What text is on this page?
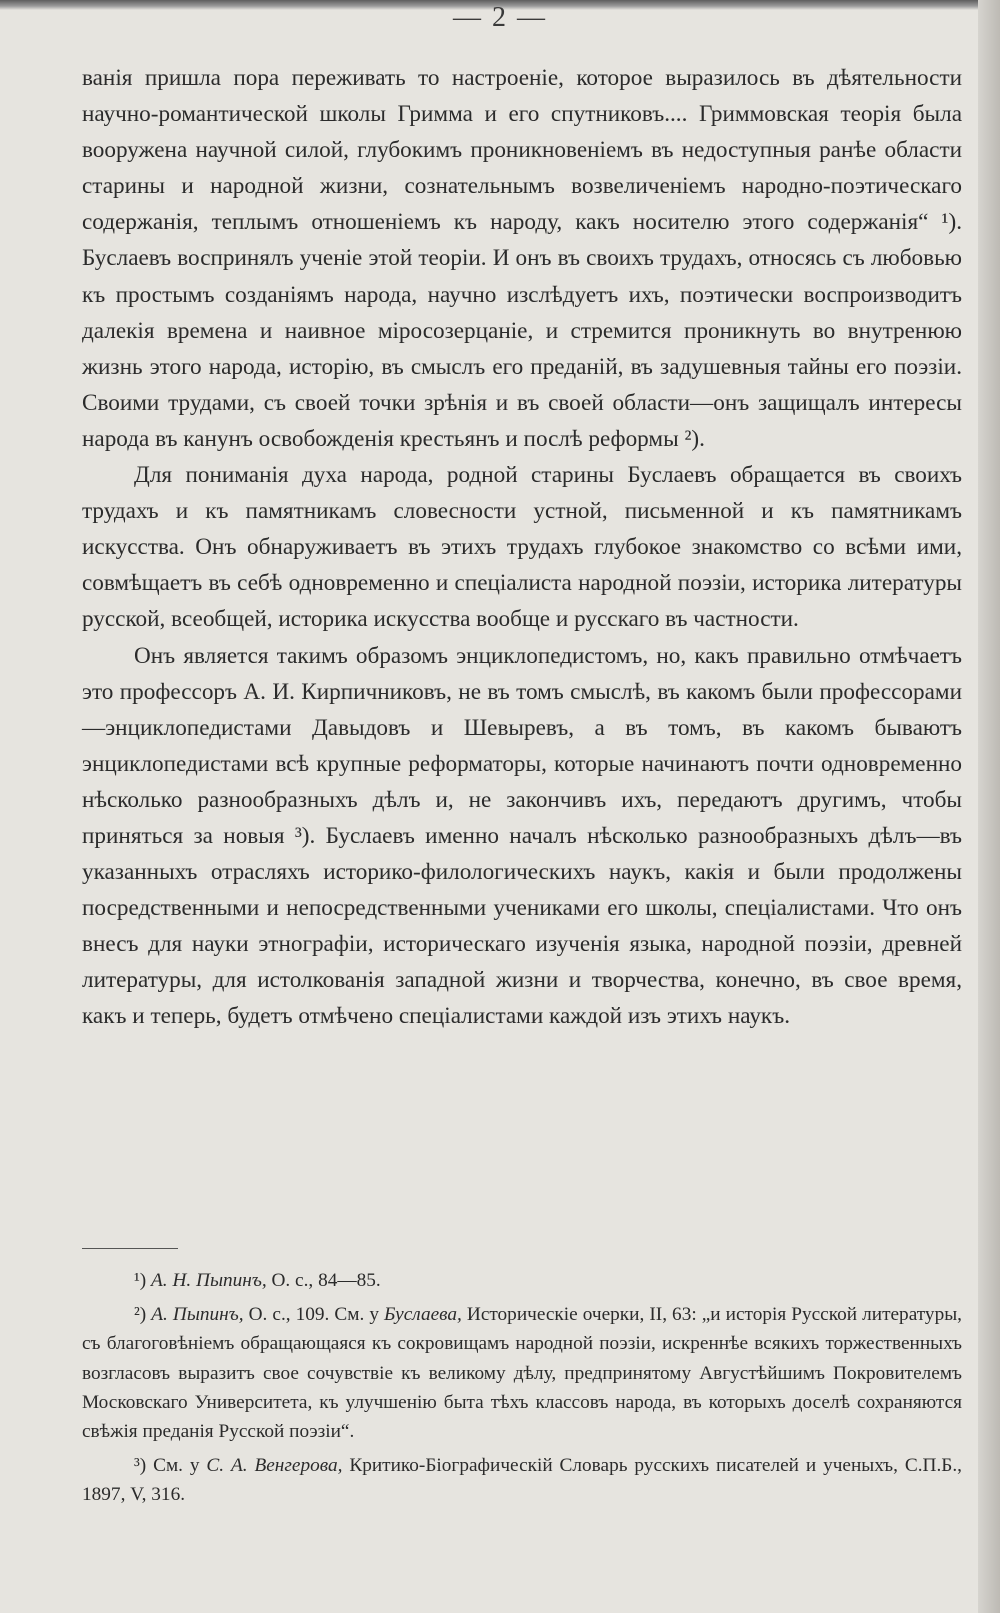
— 2 —

ванія пришла пора переживать то настроеніе, которое выразилось въ дѣятельности научно-романтической школы Гримма и его спутниковъ.... Гриммовская теорія была вооружена научной силой, глубокимъ проникновеніемъ въ недоступныя ранѣе области старины и народной жизни, сознательнымъ возвеличеніемъ народно-поэтическаго содержанія, теплымъ отношеніемъ къ народу, какъ носителю этого содержанія“ ¹). Буслаевъ воспринялъ ученіе этой теоріи. И онъ въ своихъ трудахъ, относясь съ любовью къ простымъ созданіямъ народа, научно изслѣдуетъ ихъ, поэтически воспроизводитъ далекія времена и наивное міросозерцаніе, и стремится проникнуть во внутренюю жизнь этого народа, исторію, въ смыслъ его преданій, въ задушевныя тайны его поэзіи. Своими трудами, съ своей точки зрѣнія и въ своей области—онъ защищалъ интересы народа въ канунъ освобожденія крестьянъ и послѣ реформы ²).

Для пониманія духа народа, родной старины Буслаевъ обращается въ своихъ трудахъ и къ памятникамъ словесности устной, письменной и къ памятникамъ искусства. Онъ обнаруживаетъ въ этихъ трудахъ глубокое знакомство со всѣми ими, совмѣщаетъ въ себѣ одновременно и спеціалиста народной поэзіи, историка литературы русской, всеобщей, историка искусства вообще и русскаго въ частности.

Онъ является такимъ образомъ энциклопедистомъ, но, какъ правильно отмѣчаетъ это профессоръ А. И. Кирпичниковъ, не въ томъ смыслѣ, въ какомъ были профессорами—энциклопедистами Давыдовъ и Шевыревъ, а въ томъ, въ какомъ бываютъ энциклопедистами всѣ крупные реформаторы, которые начинаютъ почти одновременно нѣсколько разнообразныхъ дѣлъ и, не закончивъ ихъ, передаютъ другимъ, чтобы приняться за новыя ³). Буслаевъ именно началъ нѣсколько разнообразныхъ дѣлъ—въ указанныхъ отрасляхъ историко-филологическихъ наукъ, какія и были продолжены посредственными и непосредственными учениками его школы, спеціалистами. Что онъ внесъ для науки этнографіи, историческаго изученія языка, народной поэзіи, древней литературы, для истолкованія западной жизни и творчества, конечно, въ свое время, какъ и теперь, будетъ отмѣчено спеціалистами каждой изъ этихъ наукъ.

¹) А. Н. Пыпинъ, О. с., 84—85.

²) А. Пыпинъ, О. с., 109. См. у Буслаева, Историческіе очерки, II, 63: „и исторія Русской литературы, съ благоговѣніемъ обращающаяся къ сокровищамъ народной поэзіи, искреннѣе всякихъ торжественныхъ возгласовъ выразитъ свое сочувствіе къ великому дѣлу, предпринятому Августѣйшимъ Покровителемъ Московскаго Университета, къ улучшенію быта тѣхъ классовъ народа, въ которыхъ доселѣ сохраняются свѣжія преданія Русской поэзіи“.

³) См. у С. А. Венгерова, Критико-Біографическій Словарь русскихъ писателей и ученыхъ, С.П.Б., 1897, V, 316.
